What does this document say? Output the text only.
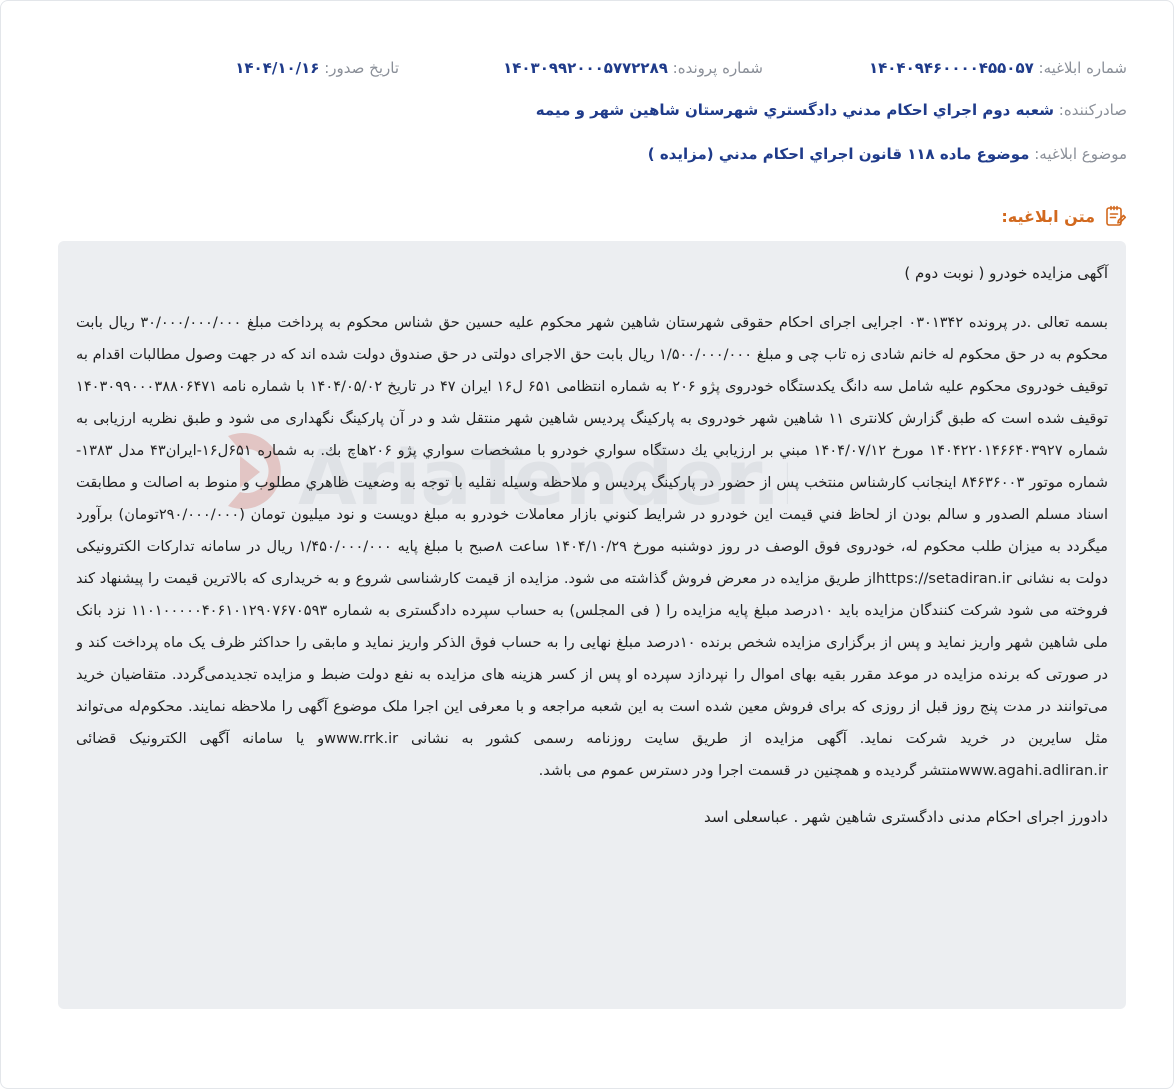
شماره ابلاغیه: ۱۴۰۴۰۹۴۶۰۰۰۰۴۵۵۰۵۷
شماره پرونده: ۱۴۰۳۰۹۹۲۰۰۰۵۷۷۲۲۸۹
تاریخ صدور: ۱۴۰۴/۱۰/۱۶
صادرکننده: شعبه دوم اجراي احكام مدني دادگستري شهرستان شاهين شهر و ميمه
موضوع ابلاغیه: موضوع ماده ١١٨ قانون اجراي احكام مدني (مزايده )
متن ابلاغیه:
AriaTender.

آگهی مزایده خودرو ( نوبت دوم )

بسمه تعالی .در پرونده ۰۳۰۱۳۴۲ اجرایی اجرای احکام حقوقی شهرستان شاهین شهر محکوم علیه حسین حق شناس محکوم به پرداخت مبلغ ۳۰/۰۰۰/۰۰۰/۰۰۰ ریال بابت محکوم به در حق محکوم له خانم شادی زه تاب چی و مبلغ ۱/۵۰۰/۰۰۰/۰۰۰ ریال بابت حق الاجرای دولتی در حق صندوق دولت شده اند که در جهت وصول مطالبات اقدام به توقیف خودروی محکوم علیه شامل سه دانگ یکدستگاه خودروی پژو ۲۰۶ به شماره انتظامی ۶۵۱ ل۱۶ ایران ۴۷ در تاریخ ۱۴۰۴/۰۵/۰۲ با شماره نامه ۱۴۰۳۰۹۹۰۰۰۳۸۸۰۶۴۷۱ توقیف شده است که طبق گزارش کلانتری ۱۱ شاهین شهر خودروی به پارکینگ پردیس شاهین شهر منتقل شد و در آن پارکینگ نگهداری می شود و طبق نظریه ارزیابی به شماره ۱۴۰۴۲۲۰۱۴۶۶۴۰۳۹۲۷ مورخ ۱۴۰۴/۰۷/۱۲ مبني بر ارزيابي يك دستگاه سواري خودرو با مشخصات سواري پژو ۲۰۶هاچ بك. به شماره ۶۵۱ل۱۶-ایران۴۳ مدل ۱۳۸۳- شماره موتور ۸۴۶۳۶۰۰۳ اینجانب کارشناس منتخب پس از حضور در پارکینگ پردیس و ملاحظه وسیله نقلیه با توجه به وضعيت ظاهري مطلوب و منوط به اصالت و مطابقت اسناد مسلم الصدور و سالم بودن از لحاظ فني قيمت اين خودرو در شرايط كنوني بازار معاملات خودرو به مبلغ دويست و نود ميليون تومان (۲۹۰/۰۰۰/۰۰۰تومان) برآورد میگردد به میزان طلب محکوم له، خودروی فوق الوصف در روز دوشنبه مورخ ۱۴۰۴/۱۰/۲۹ ساعت ۸صبح با مبلغ پایه ۱/۴۵۰/۰۰۰/۰۰۰ ریال در سامانه تدارکات الکترونیکی دولت به نشانی https://setadiran.irاز طریق مزایده در معرض فروش گذاشته می شود. مزایده از قیمت کارشناسی شروع و به خریداری که بالاترین قیمت را پیشنهاد کند فروخته می شود شرکت کنندگان مزایده باید ۱۰درصد مبلغ پایه مزایده را ( فی المجلس) به حساب سپرده دادگستری به شماره ۱۱۰۱۰۰۰۰۰۴۰۶۱۰۱۲۹۰۷۶۷۰۵۹۳ نزد بانک ملی شاهین شهر واریز نماید و پس از برگزاری مزایده شخص برنده ۱۰درصد مبلغ نهایی را به حساب فوق الذکر واریز نماید و مابقی را حداکثر ظرف یک ماه پرداخت کند و در صورتی که برنده مزایده در موعد مقرر بقیه بهای اموال را نپردازد سپرده او پس از کسر هزینه های مزایده به نفع دولت ضبط و مزایده تجدیدمی‌گردد. متقاضیان خرید می‌توانند در مدت پنج روز قبل از روزی که برای فروش معین شده است به این شعبه مراجعه و با معرفی این اجرا ملک موضوع آگهی را ملاحظه نمایند. محکوم‌له می‌تواند مثل سایرین در خرید شرکت نماید. آگهی مزایده از طریق سایت روزنامه رسمی کشور به نشانی www.rrk.irو یا سامانه آگهی الکترونیک قضائی www.agahi.adliran.irمنتشر گردیده و همچنین در قسمت اجرا ودر دسترس عموم می باشد.

دادورز اجرای احکام مدنی دادگستری شاهین شهر . عباسعلی اسد
